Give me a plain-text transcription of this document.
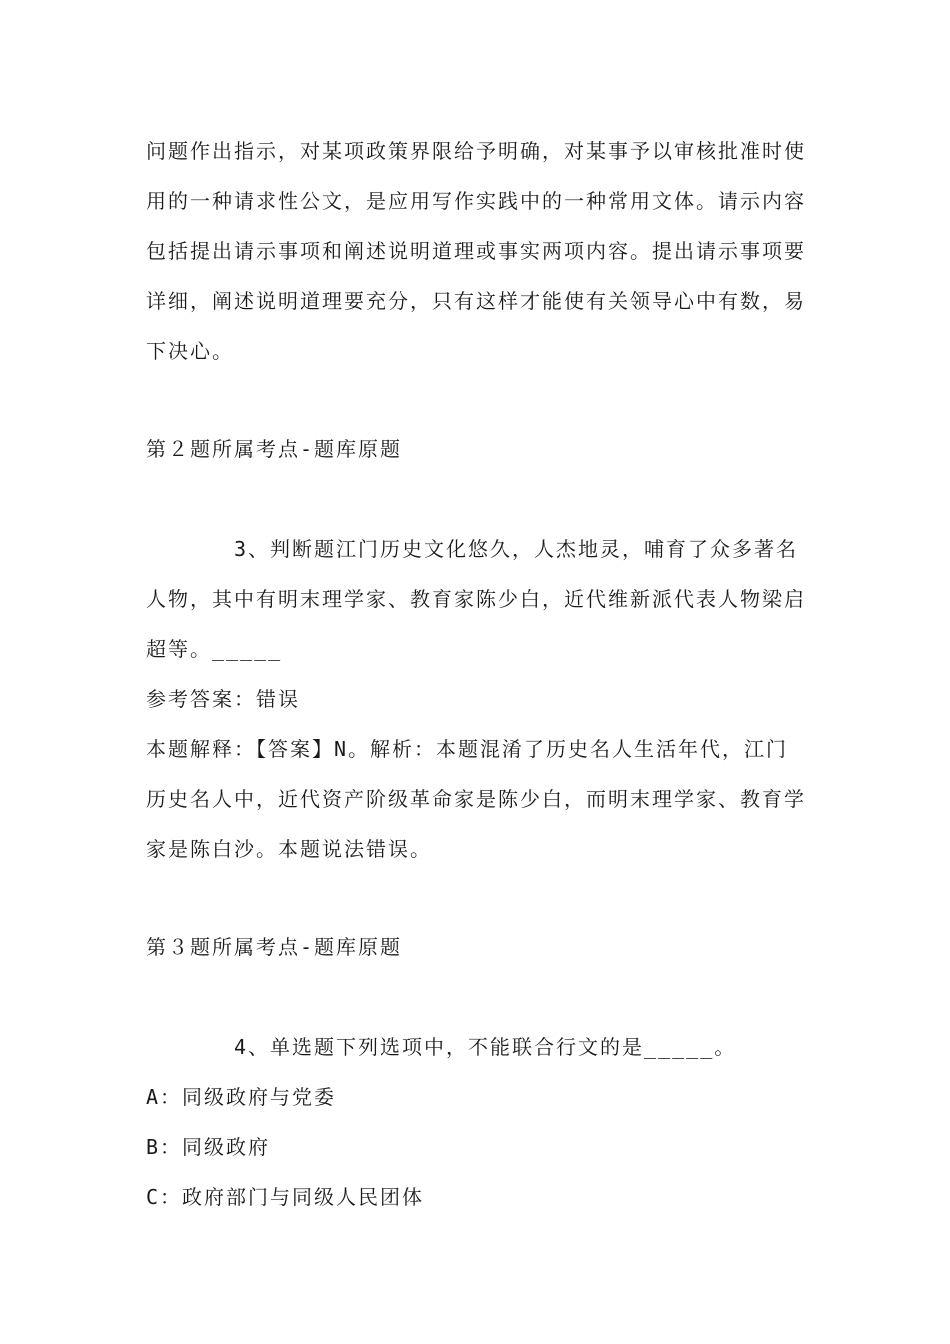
问题作出指示，对某项政策界限给予明确，对某事予以审核批准时使用的一种请求性公文，是应用写作实践中的一种常用文体。请示内容包括提出请示事项和阐述说明道理或事实两项内容。提出请示事项要详细，阐述说明道理要充分，只有这样才能使有关领导心中有数，易下决心。

第２题所属考点-题库原题

3、判断题江门历史文化悠久，人杰地灵，哺育了众多著名人物，其中有明末理学家、教育家陈少白，近代维新派代表人物梁启超等。_____

参考答案：错误

本题解释：【答案】N。解析：本题混淆了历史名人生活年代，江门历史名人中，近代资产阶级革命家是陈少白，而明末理学家、教育学家是陈白沙。本题说法错误。

第３题所属考点-题库原题

4、单选题下列选项中，不能联合行文的是_____。

A：同级政府与党委

B：同级政府

C：政府部门与同级人民团体
